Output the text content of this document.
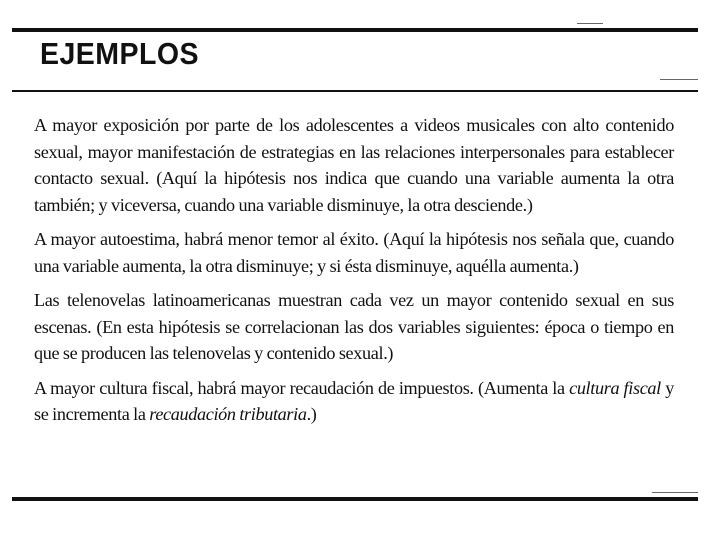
EJEMPLOS

A mayor exposición por parte de los adolescentes a videos musicales con alto contenido sexual, mayor manifestación de estrategias en las relaciones interpersonales para establecer contacto sexual. (Aquí la hipótesis nos indica que cuando una variable aumenta la otra también; y viceversa, cuando una variable disminuye, la otra desciende.)

A mayor autoestima, habrá menor temor al éxito. (Aquí la hipótesis nos señala que, cuando una variable aumenta, la otra disminuye; y si ésta disminuye, aquélla aumenta.)

Las telenovelas latinoamericanas muestran cada vez un mayor contenido sexual en sus escenas. (En esta hipótesis se correlacionan las dos variables siguientes: época o tiempo en que se producen las telenovelas y contenido sexual.)

A mayor cultura fiscal, habrá mayor recaudación de impuestos. (Aumenta la cultura fiscal y se incrementa la recaudación tributaria.)
